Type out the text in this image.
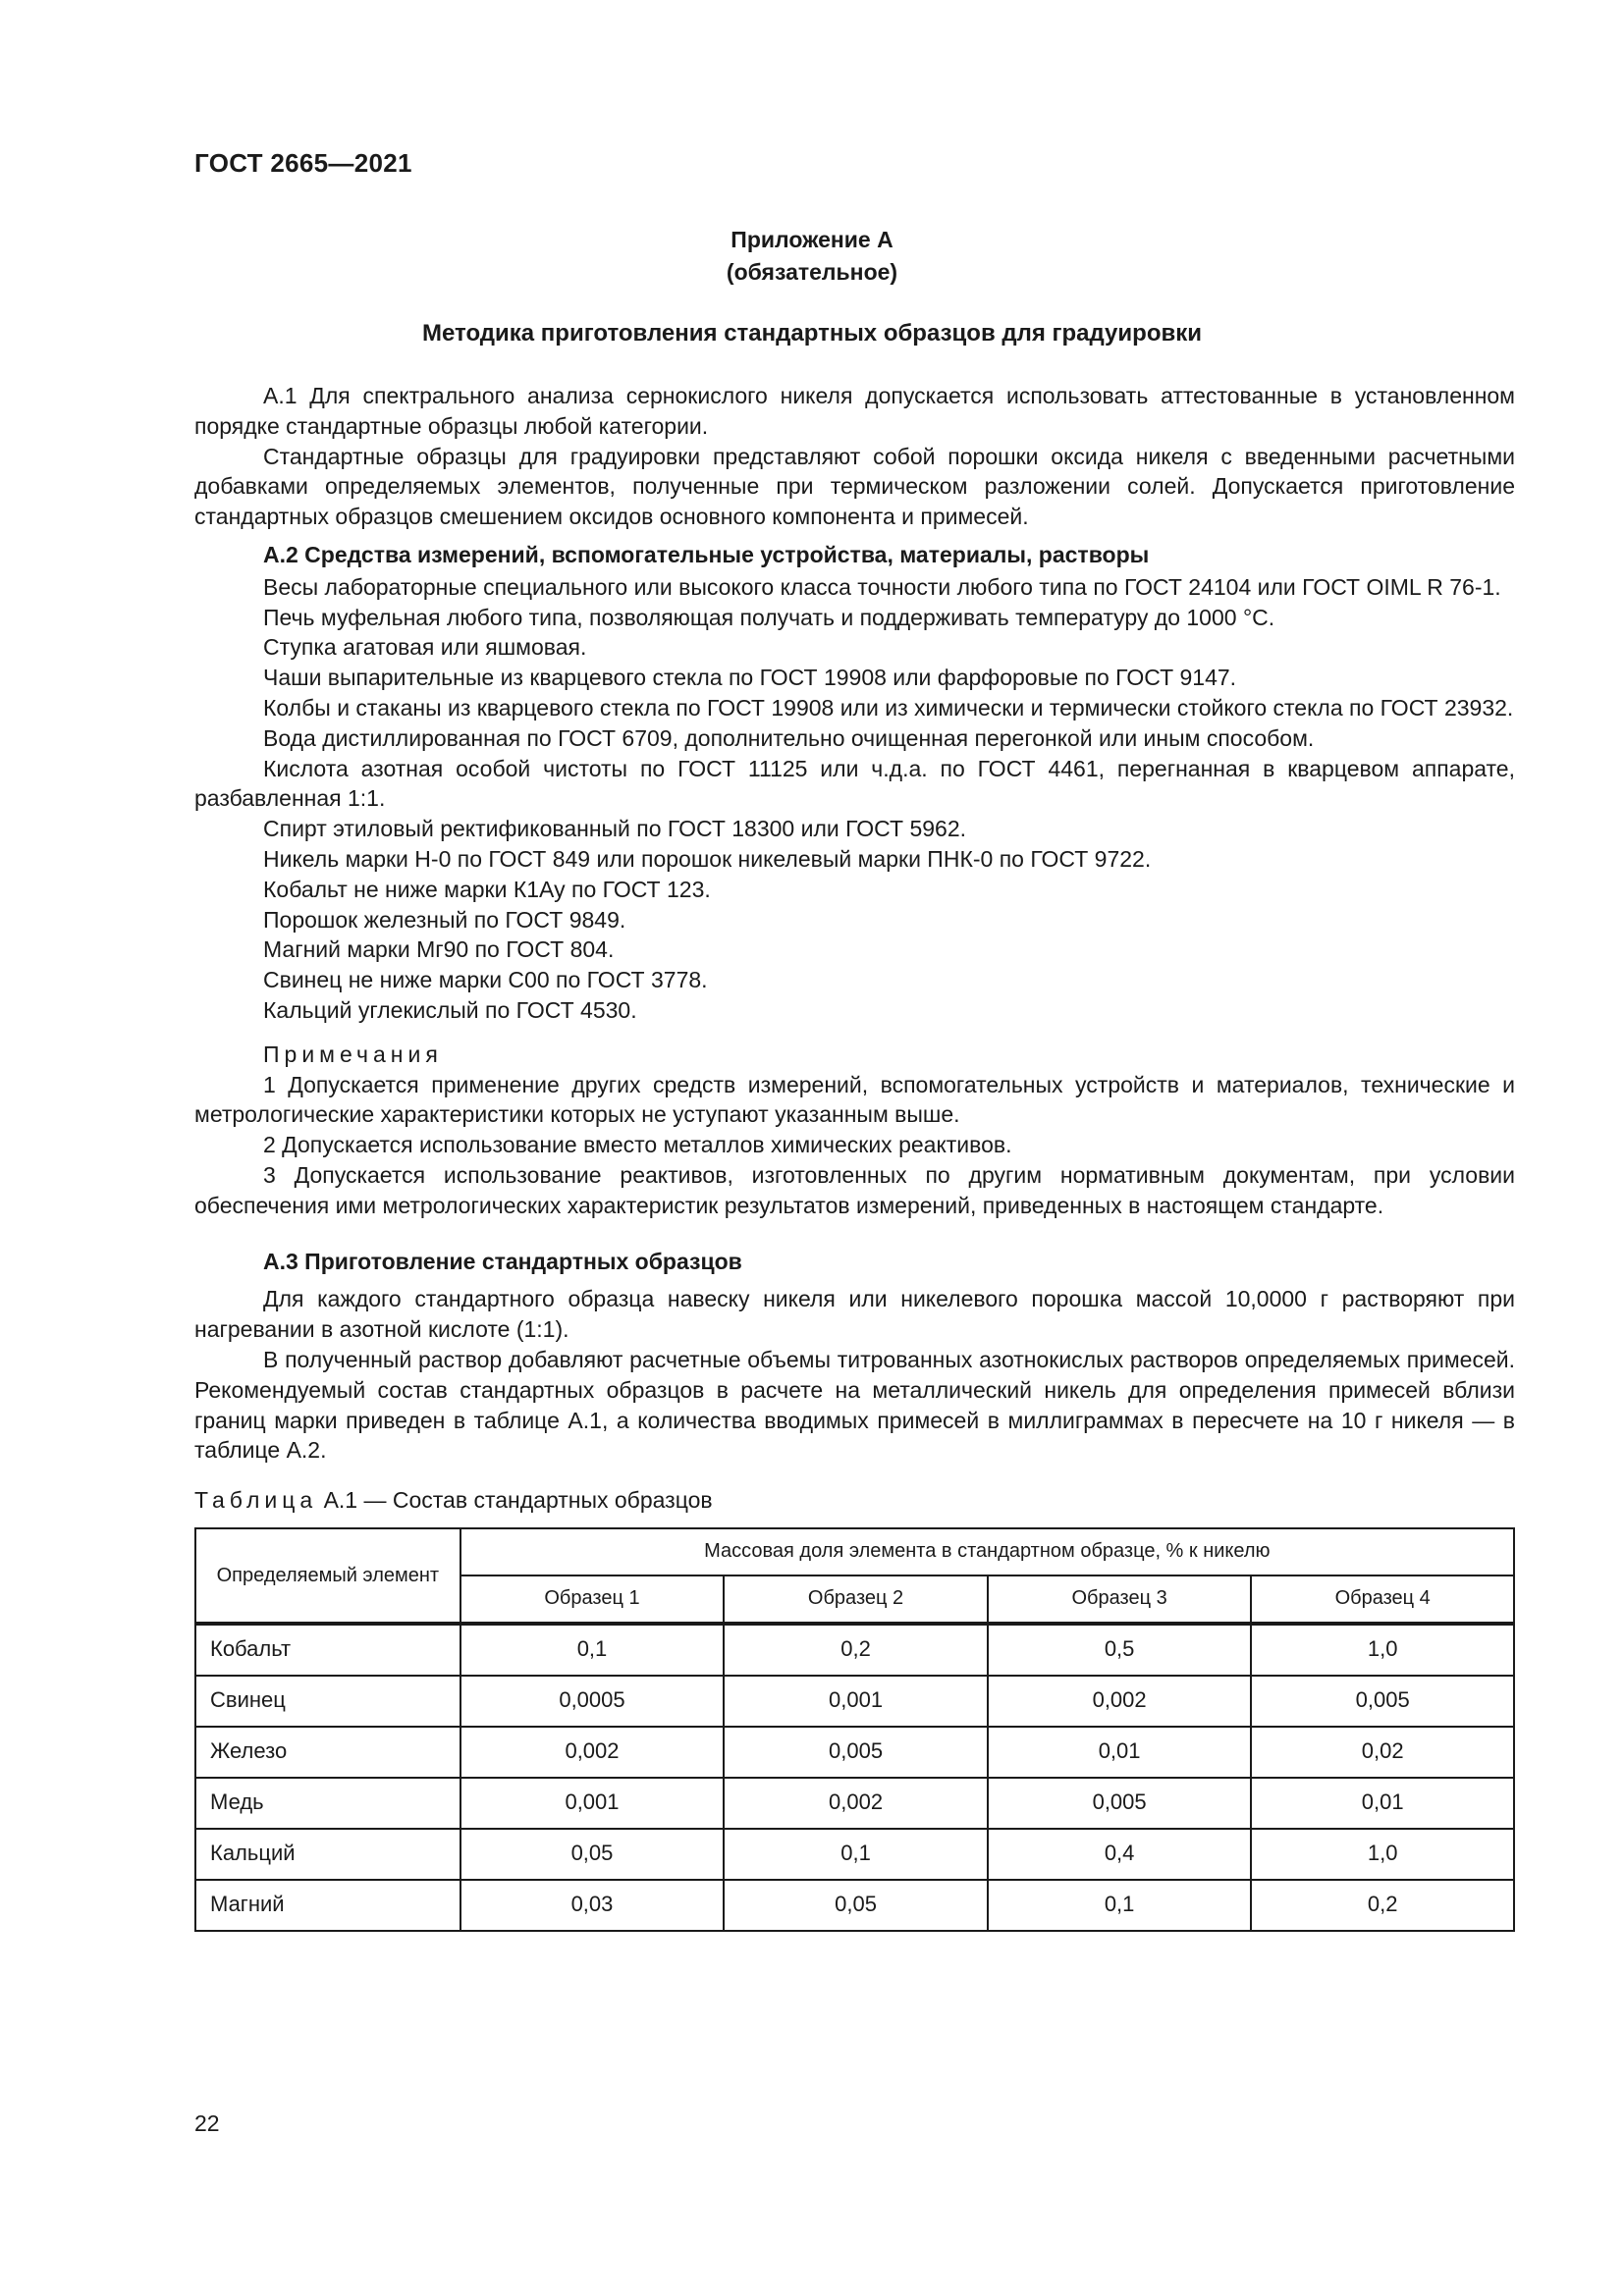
ГОСТ 2665—2021
Приложение А
(обязательное)
Методика приготовления стандартных образцов для градуировки

А.1 Для спектрального анализа сернокислого никеля допускается использовать аттестованные в установленном порядке стандартные образцы любой категории.

Стандартные образцы для градуировки представляют собой порошки оксида никеля с введенными расчетными добавками определяемых элементов, полученные при термическом разложении солей. Допускается приготовление стандартных образцов смешением оксидов основного компонента и примесей.

А.2 Средства измерений, вспомогательные устройства, материалы, растворы

Весы лабораторные специального или высокого класса точности любого типа по ГОСТ 24104 или ГОСТ OIML R 76-1.

Печь муфельная любого типа, позволяющая получать и поддерживать температуру до 1000 °С.

Ступка агатовая или яшмовая.

Чаши выпарительные из кварцевого стекла по ГОСТ 19908 или фарфоровые по ГОСТ 9147.

Колбы и стаканы из кварцевого стекла по ГОСТ 19908 или из химически и термически стойкого стекла по ГОСТ 23932.

Вода дистиллированная по ГОСТ 6709, дополнительно очищенная перегонкой или иным способом.

Кислота азотная особой чистоты по ГОСТ 11125 или ч.д.а. по ГОСТ 4461, перегнанная в кварцевом аппарате, разбавленная 1:1.

Спирт этиловый ректификованный по ГОСТ 18300 или ГОСТ 5962.

Никель марки Н-0 по ГОСТ 849 или порошок никелевый марки ПНК-0 по ГОСТ 9722.

Кобальт не ниже марки К1Ау по ГОСТ 123.

Порошок железный по ГОСТ 9849.

Магний марки Мг90 по ГОСТ 804.

Свинец не ниже марки С00 по ГОСТ 3778.

Кальций углекислый по ГОСТ 4530.

Примечания

1 Допускается применение других средств измерений, вспомогательных устройств и материалов, технические и метрологические характеристики которых не уступают указанным выше.

2 Допускается использование вместо металлов химических реактивов.

3 Допускается использование реактивов, изготовленных по другим нормативным документам, при условии обеспечения ими метрологических характеристик результатов измерений, приведенных в настоящем стандарте.

А.3 Приготовление стандартных образцов

Для каждого стандартного образца навеску никеля или никелевого порошка массой 10,0000 г растворяют при нагревании в азотной кислоте (1:1).

В полученный раствор добавляют расчетные объемы титрованных азотнокислых растворов определяемых примесей. Рекомендуемый состав стандартных образцов в расчете на металлический никель для определения примесей вблизи границ марки приведен в таблице А.1, а количества вводимых примесей в миллиграммах в пересчете на 10 г никеля — в таблице А.2.

Таблица А.1 — Состав стандартных образцов

Определяемый элемент	Массовая доля элемента в стандартном образце, % к никелю			
	Образец 1	Образец 2	Образец 3	Образец 4
Кобальт	0,1	0,2	0,5	1,0
Свинец	0,0005	0,001	0,002	0,005
Железо	0,002	0,005	0,01	0,02
Медь	0,001	0,002	0,005	0,01
Кальций	0,05	0,1	0,4	1,0
Магний	0,03	0,05	0,1	0,2
22
